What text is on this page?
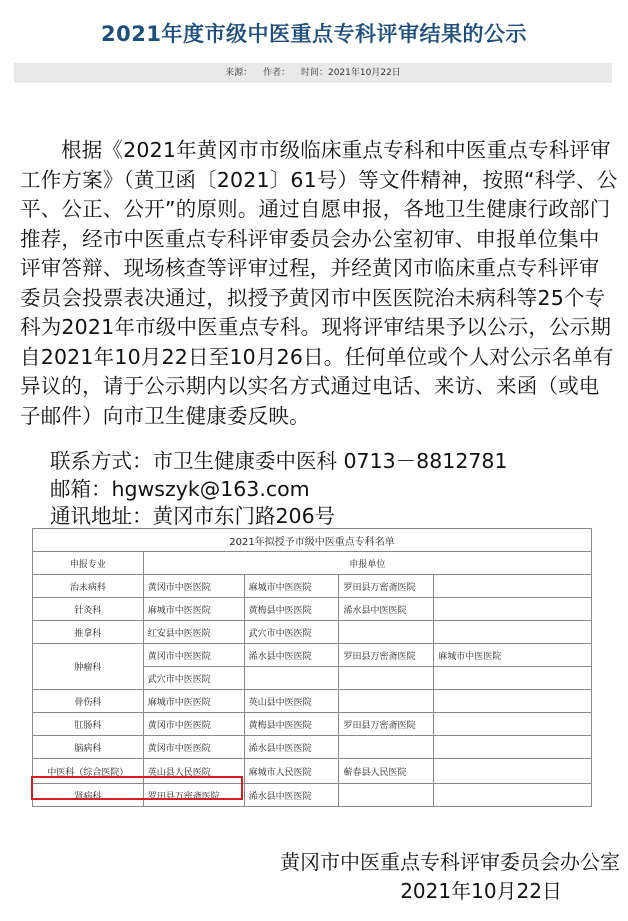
2021年度市级中医重点专科评审结果的公示
来源： 作者： 时间：2021年10月22日

根据《2021年黄冈市市级临床重点专科和中医重点专科评审工作方案》（黄卫函〔2021〕61号）等文件精神，按照“科学、公平、公正、公开”的原则。通过自愿申报，各地卫生健康行政部门推荐，经市中医重点专科评审委员会办公室初审、申报单位集中评审答辩、现场核查等评审过程，并经黄冈市临床重点专科评审委员会投票表决通过，拟授予黄冈市中医医院治未病科等25个专科为2021年市级中医重点专科。现将评审结果予以公示，公示期自2021年10月22日至10月26日。任何单位或个人对公示名单有异议的，请于公示期内以实名方式通过电话、来访、来函（或电子邮件）向市卫生健康委反映。

联系方式：市卫生健康委中医科 0713－8812781
邮箱：hgwszyk@163.com
通讯地址：黄冈市东门路206号
2021年拟授予市级中医重点专科名单				
申报专业	申报单位			
治未病科	黄冈市中医医院	麻城市中医医院	罗田县万密斋医院	
针灸科	麻城市中医医院	黄梅县中医医院	浠水县中医医院	
推拿科	红安县中医医院	武穴市中医医院		
肿瘤科	黄冈市中医医院	浠水县中医医院	罗田县万密斋医院	麻城市中医医院
	武穴市中医医院			
骨伤科	麻城市中医医院	英山县中医医院		
肛肠科	黄冈市中医医院	黄梅县中医医院	罗田县万密斋医院	
脑病科	黄冈市中医医院	浠水县中医医院		
中医科（综合医院）	英山县人民医院	麻城市人民医院	蕲春县人民医院	
肾病科	罗田县万密斋医院	浠水县中医医院		
黄冈市中医重点专科评审委员会办公室
2021年10月22日
